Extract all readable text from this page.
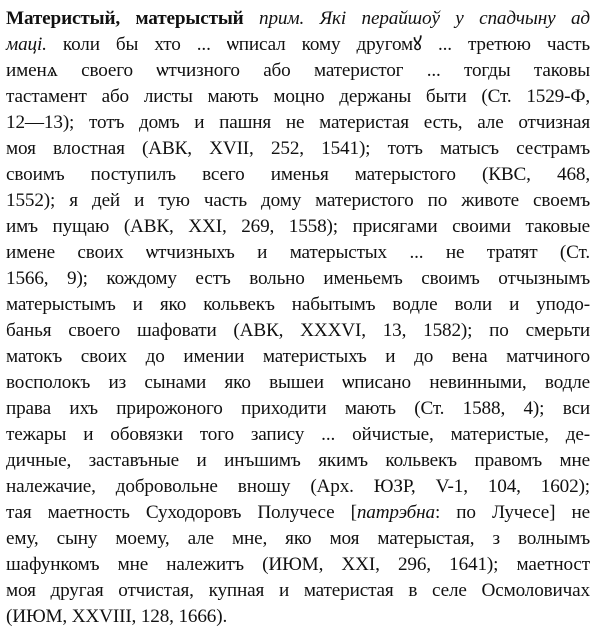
Материстый, матерыстый прим. Які перайшоў у спадчыну ад
маці. коли бы хто ... ѡписал кому другомꙋ ... третюю часть
именѧ своего ѡтчизного або материстог ... тогды таковы
тастамент або листы мають моцно держаны быти (Ст. 1529-Ф,
12—13); тотъ домъ и пашня не материстая есть, але отчизная
моя влостная (АВК, XVII, 252, 1541); тотъ матысъ сестрамъ
своимъ поступилъ всего именья матерыстого (КВС, 468,
1552); я дей и тую часть дому материстого по животе своемъ
имъ пущаю (АВК, XXI, 269, 1558); присягами своими таковые
имене своих ѡтчизныхъ и матерыстых ... не тратят (Ст.
1566, 9); кождому естъ вольно именьемъ своимъ отчызнымъ
матерыстымъ и яко кольвекъ набытымъ водле воли и уподо-
банья своего шафовати (АВК, XXXVI, 13, 1582); по смерьти
матокъ своих до имении материстыхъ и до вена матчиного
восполокъ из сынами яко вышеи ѡписано невинными, водле
права ихъ прирожоного приходити мають (Ст. 1588, 4); вси
тежары и обовязки того запису ... ойчистые, материстые, де-
дичные, заставъные и инъшимъ якимъ кольвекъ правомъ мне
належачие, добровольне вношу (Арх. ЮЗР, V-1, 104, 1602);
тая маетность Суходоровъ Получесе [патрэбна: по Лучесе] не
ему, сыну моему, але мне, яко моя матерыстая, з волнымъ
шафункомъ мне належитъ (ИЮМ, XXI, 296, 1641); маетност
моя другая отчистая, купная и материстая в селе Осмоловичах
(ИЮМ, XXVIII, 128, 1666).
